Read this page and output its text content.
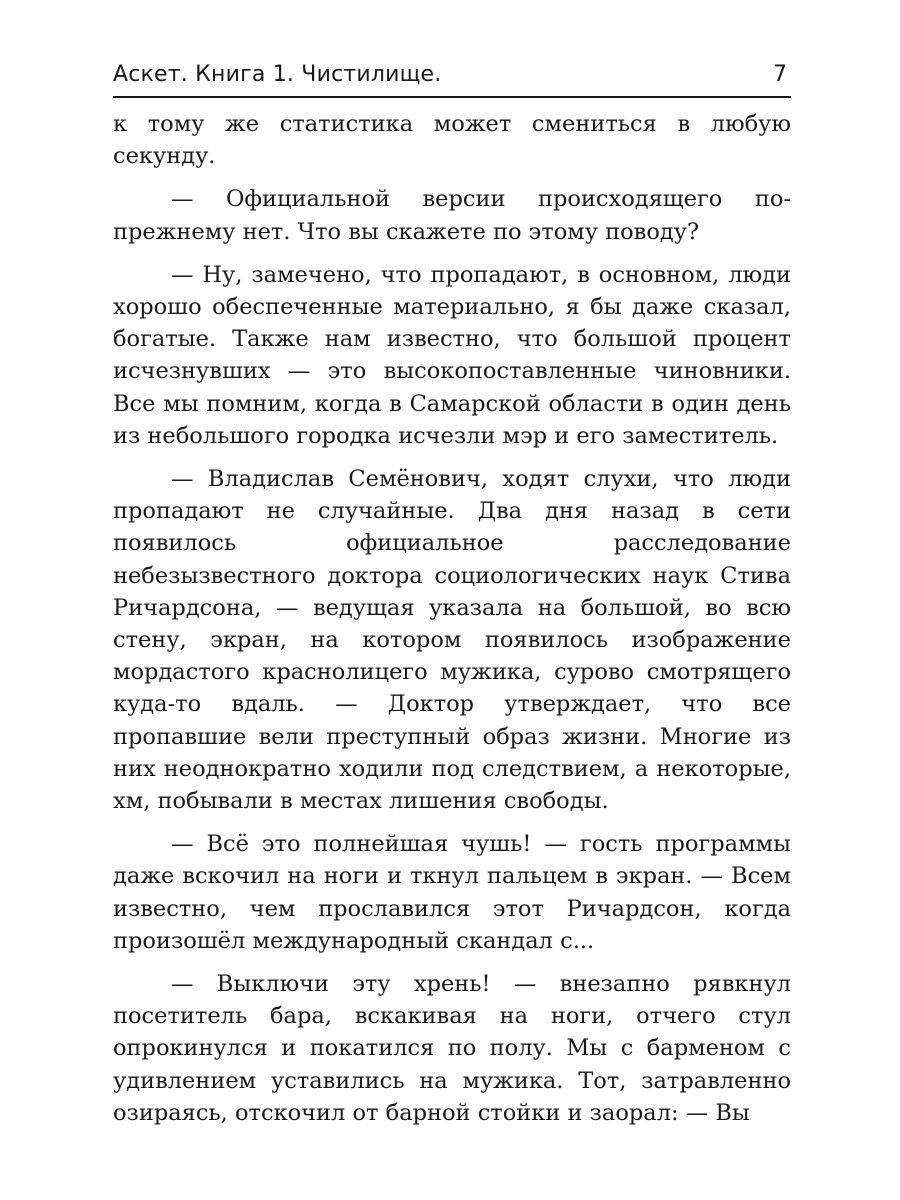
Аскет. Книга 1. Чистилище.	7

к тому же статистика может смениться в любую секунду.

— Официальной версии происходящего по-прежнему нет. Что вы скажете по этому поводу?

— Ну, замечено, что пропадают, в основном, люди хорошо обеспеченные материально, я бы даже сказал, богатые. Также нам известно, что большой процент исчезнувших — это высокопоставленные чиновники. Все мы помним, когда в Самарской области в один день из небольшого городка исчезли мэр и его заместитель.

— Владислав Семёнович, ходят слухи, что люди пропадают не случайные. Два дня назад в сети появилось официальное расследование небезызвестного доктора социологических наук Стива Ричардсона, — ведущая указала на большой, во всю стену, экран, на котором появилось изображение мордастого краснолицего мужика, сурово смотрящего куда-то вдаль. — Доктор утверждает, что все пропавшие вели преступный образ жизни. Многие из них неоднократно ходили под следствием, а некоторые, хм, побывали в местах лишения свободы.

— Всё это полнейшая чушь! — гость программы даже вскочил на ноги и ткнул пальцем в экран. — Всем известно, чем прославился этот Ричардсон, когда произошёл международный скандал с...

— Выключи эту хрень! — внезапно рявкнул посетитель бара, вскакивая на ноги, отчего стул опрокинулся и покатился по полу. Мы с барменом с удивлением уставились на мужика. Тот, затравленно озираясь, отскочил от барной стойки и заорал: — Вы
